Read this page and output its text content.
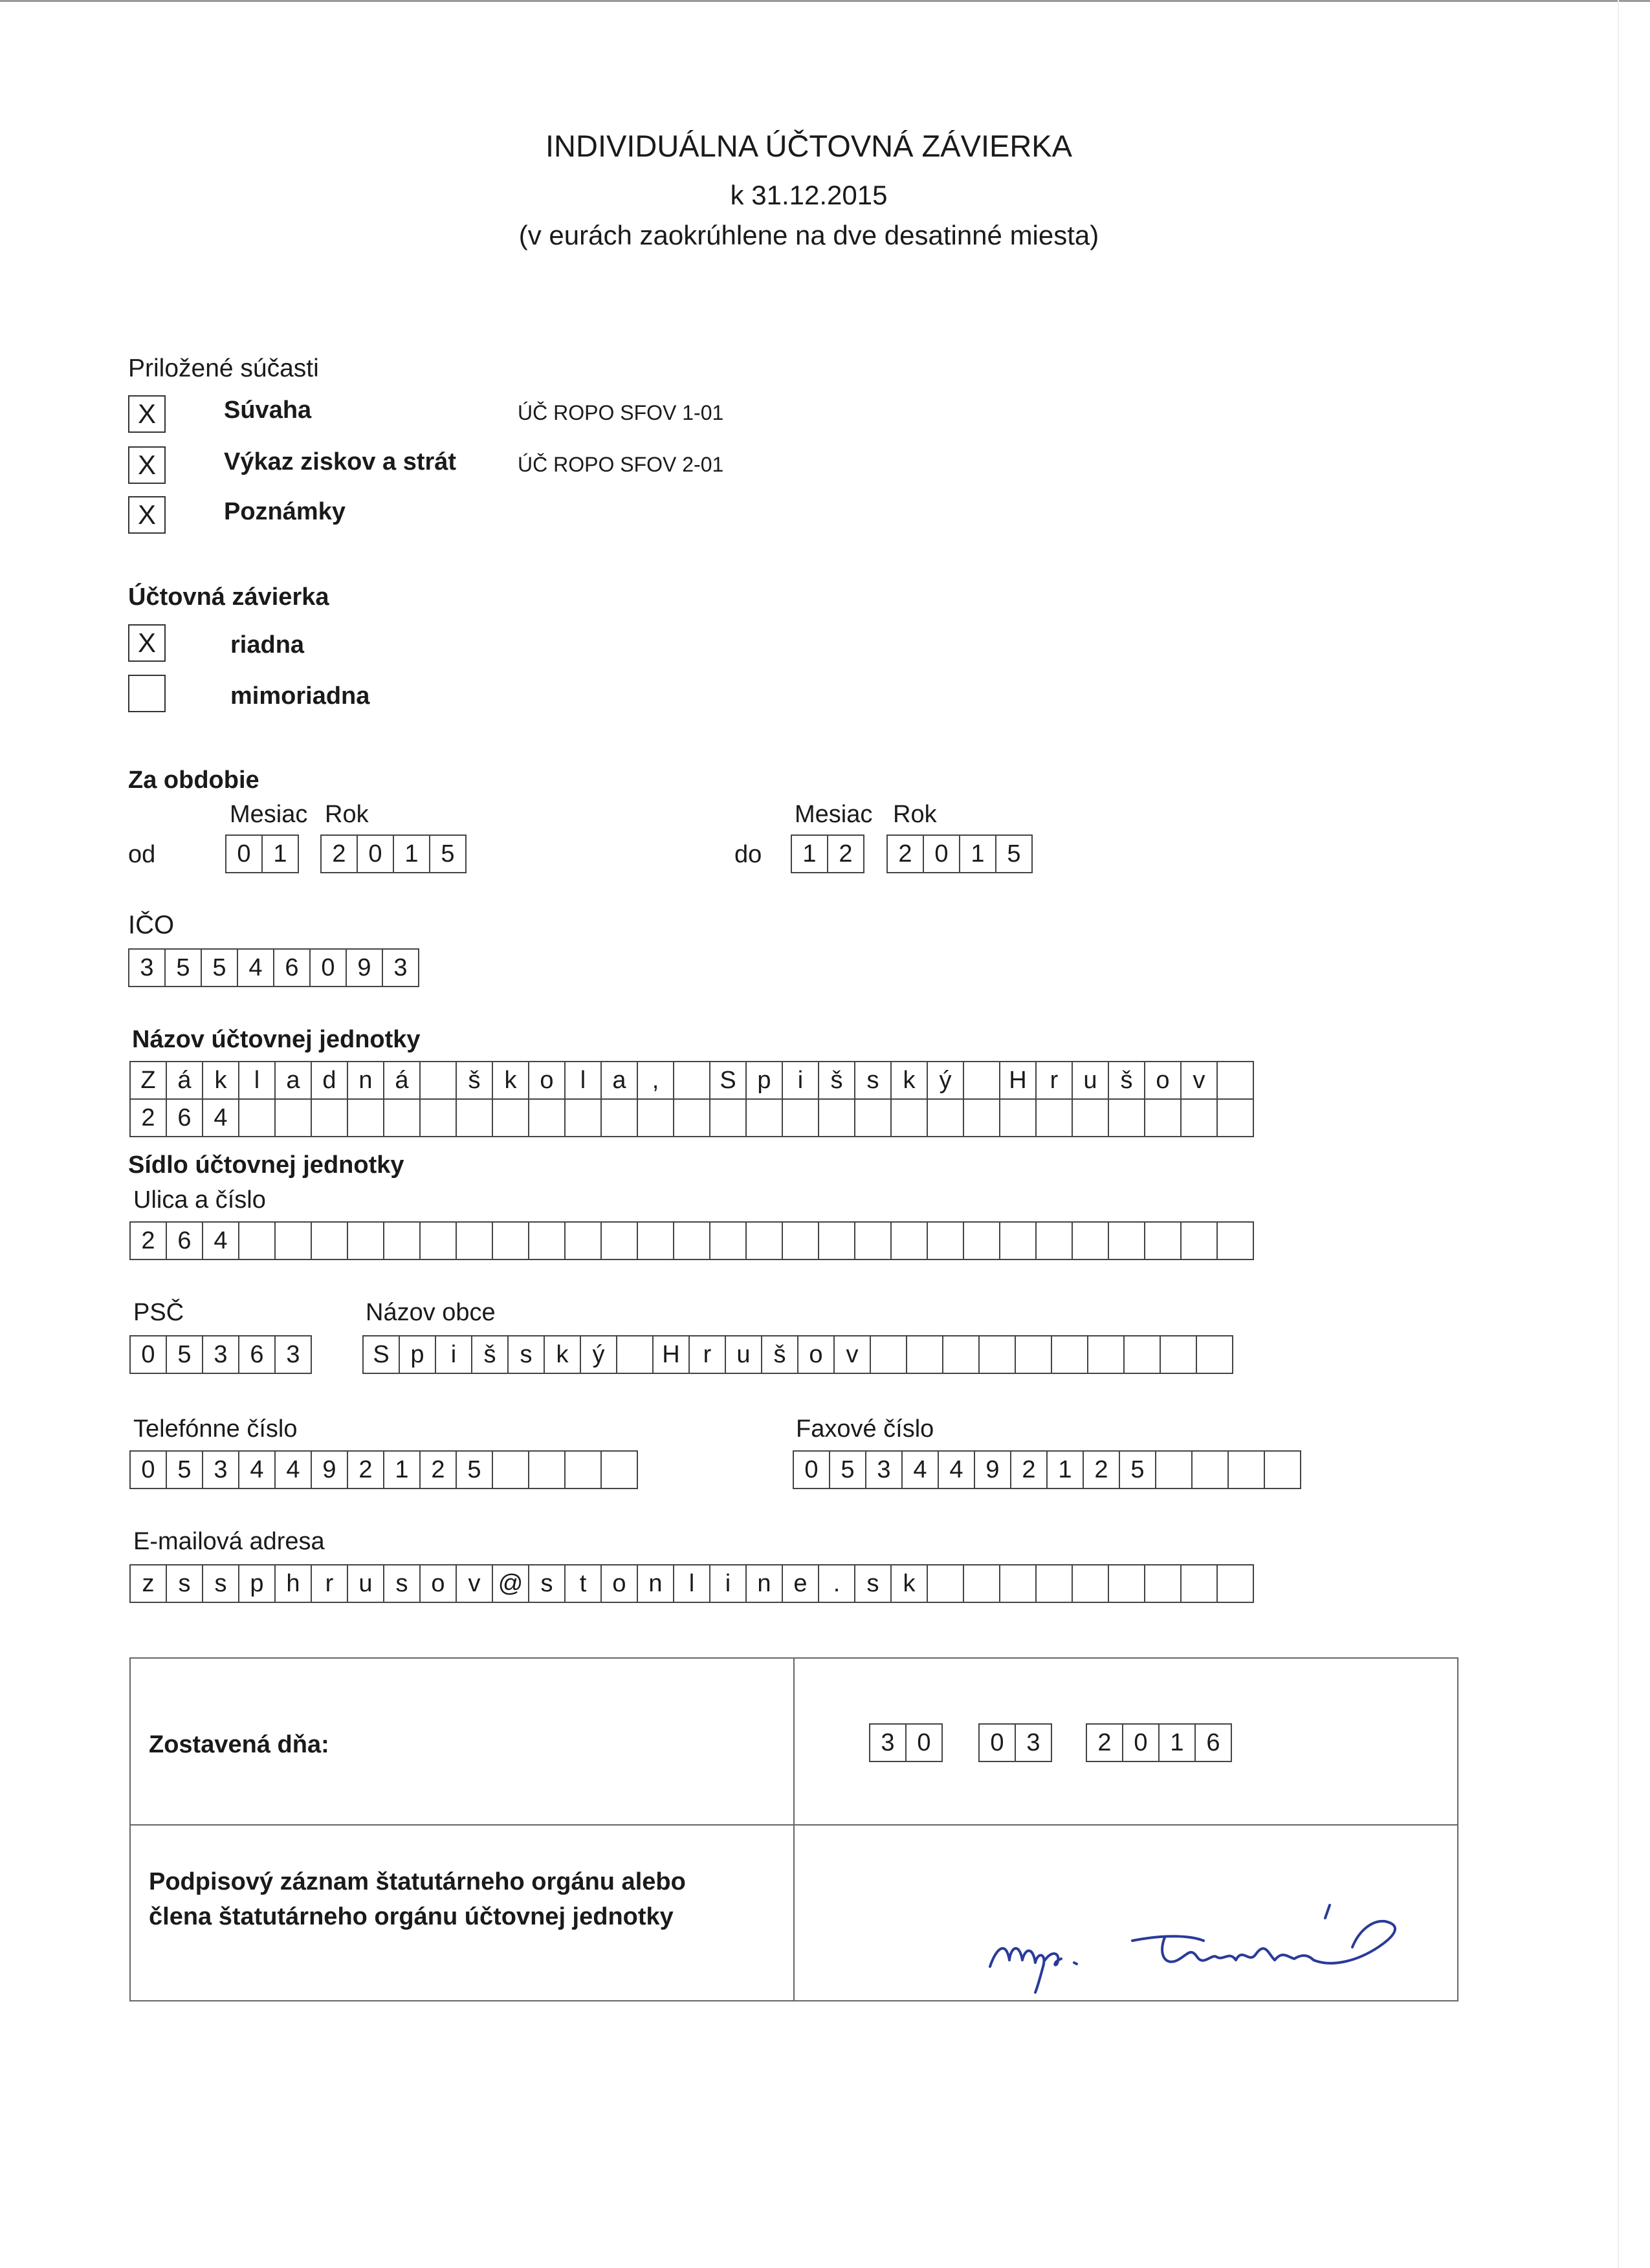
INDIVIDUÁLNA ÚČTOVNÁ ZÁVIERKA
k 31.12.2015
(v eurách zaokrúhlene na dve desatinné miesta)
Priložené súčasti
X	Súvaha	ÚČ ROPO SFOV 1-01
X	Výkaz ziskov a strát	ÚČ ROPO SFOV 2-01
X	Poznámky
Účtovná závierka
X	riadna
mimoriadna
Za obdobie
Mesiac Rok	Mesiac Rok
od	0 1	2 0 1 5	do	1 2	2 0 1 5
IČO
3 5 5 4 6 0 9 3
Názov účtovnej jednotky
Z á k	l	a d n á	š k o	l	a	,	S p	i	š s k ý	H r	u š o v
2 6 4
Sídlo účtovnej jednotky
Ulica a číslo
2 6 4
PSČ
0 5 3 6 3
Názov obce
S p	i	š s k ý	H r	u š o v
Telefónne číslo
0 5 3 4 4 9 2 1 2 5
Faxové číslo
0 5 3 4 4 9 2 1 2 5
E-mailová adresa
z s s p h	r	u s o v @ s	t	o n	l	i	n e	.	s k
Zostavená dňa:	3 0	0 3	2 0 1 6
Podpisový záznam štatutárneho orgánu alebo
člena štatutárneho orgánu účtovnej jednotky
